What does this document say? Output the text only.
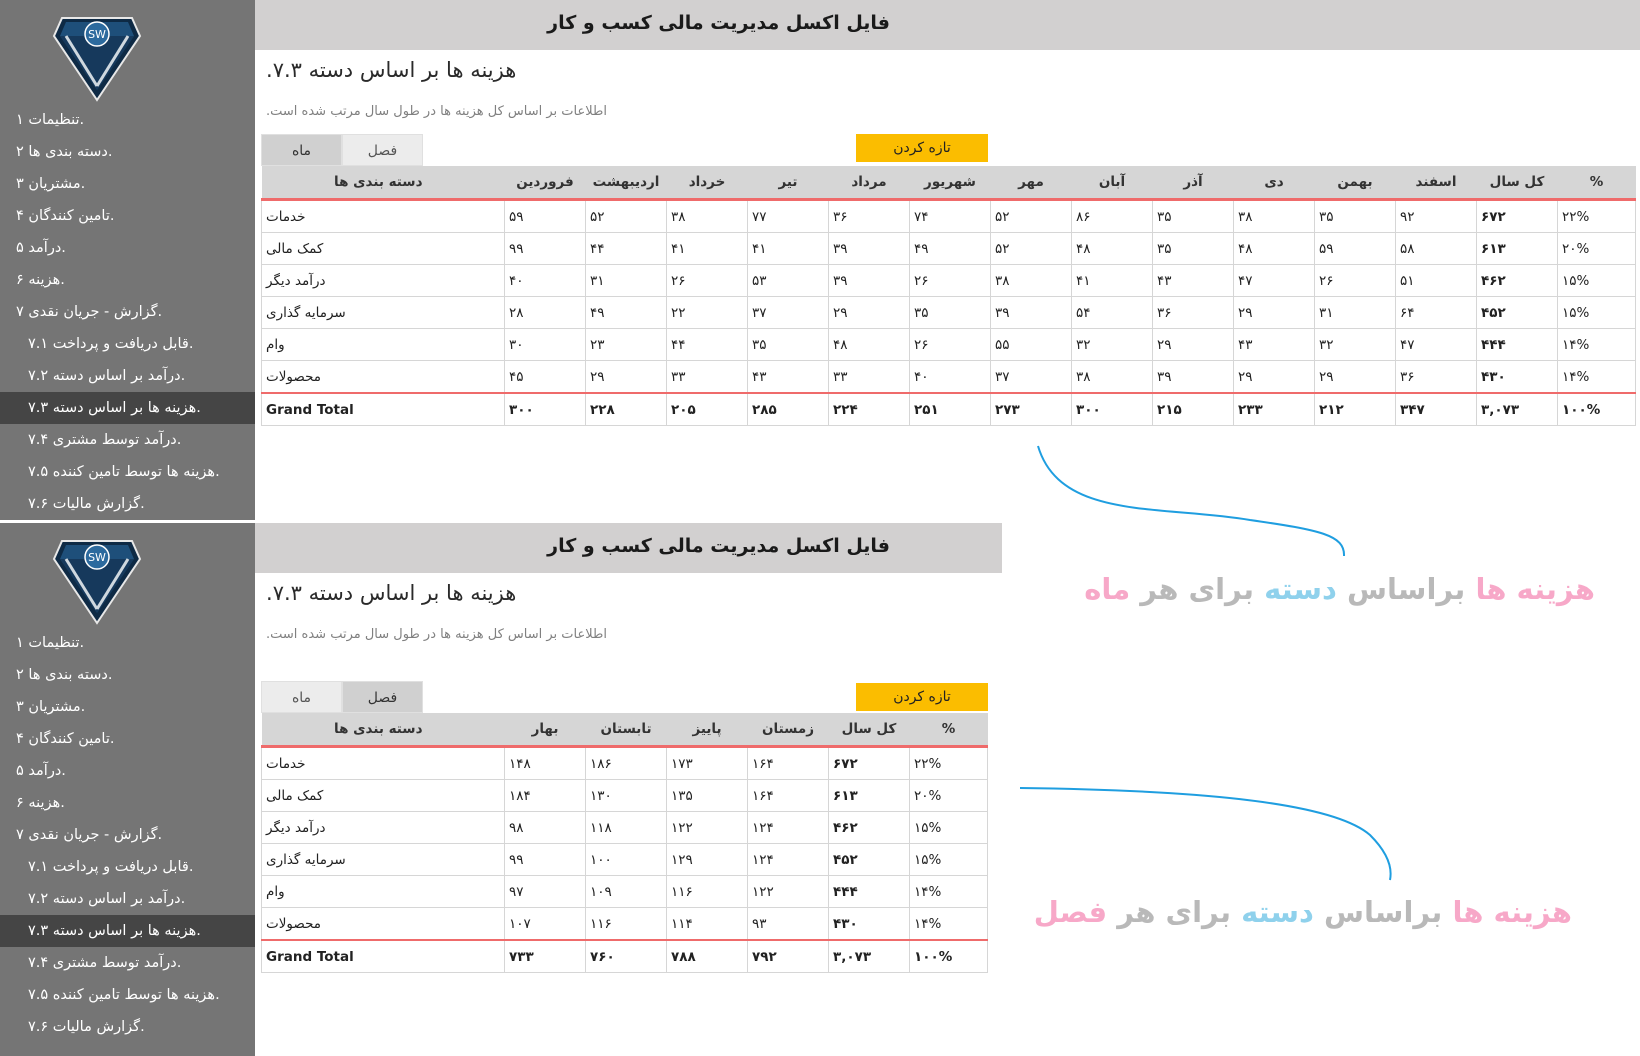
SW
تنظیمات ۱.
دسته بندی ها ۲.
مشتریان ۳.
تامین کنندگان ۴.
درآمد ۵.
هزینه ۶.
گزارش - جریان نقدی ۷.
قابل دریافت و پرداخت ۷.۱.
درآمد بر اساس دسته ۷.۲.
هزینه ها بر اساس دسته ۷.۳.
درآمد توسط مشتری ۷.۴.
هزینه ها توسط تامین کننده ۷.۵.
گزارش مالیات ۷.۶.
فایل اکسل مدیریت مالی کسب و کار
هزینه ها بر اساس دسته ۷.۳.
اطلاعات بر اساس کل هزینه ها در طول سال مرتب شده است.
فصل
ماه	تازه کردن
دسته بندی ها	فروردین	اردیبهشت	خرداد	تیر	مرداد	شهریور	مهر	آبان	آذر	دی	بهمن	اسفند	کل سال	%
خدمات	۵۹	۵۲	۳۸	۷۷	۳۶	۷۴	۵۲	۸۶	۳۵	۳۸	۳۵	۹۲	۶۷۲	۲۲%
کمک مالی	۹۹	۴۴	۴۱	۴۱	۳۹	۴۹	۵۲	۴۸	۳۵	۴۸	۵۹	۵۸	۶۱۳	۲۰%
درآمد دیگر	۴۰	۳۱	۲۶	۵۳	۳۹	۲۶	۳۸	۴۱	۴۳	۴۷	۲۶	۵۱	۴۶۲	۱۵%
سرمایه گذاری	۲۸	۴۹	۲۲	۳۷	۲۹	۳۵	۳۹	۵۴	۳۶	۲۹	۳۱	۶۴	۴۵۲	۱۵%
وام	۳۰	۲۳	۴۴	۳۵	۴۸	۲۶	۵۵	۳۲	۲۹	۴۳	۳۲	۴۷	۴۴۴	۱۴%
محصولات	۴۵	۲۹	۳۳	۴۳	۳۳	۴۰	۳۷	۳۸	۳۹	۲۹	۲۹	۳۶	۴۳۰	۱۴%
Grand Total	۳۰۰	۲۲۸	۲۰۵	۲۸۵	۲۲۴	۲۵۱	۲۷۳	۳۰۰	۲۱۵	۲۳۳	۲۱۲	۳۴۷	۳,۰۷۳	۱۰۰%
SW
تنظیمات ۱.
دسته بندی ها ۲.
مشتریان ۳.
تامین کنندگان ۴.
درآمد ۵.
هزینه ۶.
گزارش - جریان نقدی ۷.
قابل دریافت و پرداخت ۷.۱.
درآمد بر اساس دسته ۷.۲.
هزینه ها بر اساس دسته ۷.۳.
درآمد توسط مشتری ۷.۴.
هزینه ها توسط تامین کننده ۷.۵.
گزارش مالیات ۷.۶.
فایل اکسل مدیریت مالی کسب و کار
هزینه ها بر اساس دسته ۷.۳.
اطلاعات بر اساس کل هزینه ها در طول سال مرتب شده است.
فصل
ماه	تازه کردن
دسته بندی ها	بهار	تابستان	پاییز	زمستان	کل سال	%
خدمات	۱۴۸	۱۸۶	۱۷۳	۱۶۴	۶۷۲	۲۲%
کمک مالی	۱۸۴	۱۳۰	۱۳۵	۱۶۴	۶۱۳	۲۰%
درآمد دیگر	۹۸	۱۱۸	۱۲۲	۱۲۴	۴۶۲	۱۵%
سرمایه گذاری	۹۹	۱۰۰	۱۲۹	۱۲۴	۴۵۲	۱۵%
وام	۹۷	۱۰۹	۱۱۶	۱۲۲	۴۴۴	۱۴%
محصولات	۱۰۷	۱۱۶	۱۱۴	۹۳	۴۳۰	۱۴%
Grand Total	۷۳۳	۷۶۰	۷۸۸	۷۹۲	۳,۰۷۳	۱۰۰%
هزینه ها براساس دسته برای هر ماه
هزینه ها براساس دسته برای هر فصل
